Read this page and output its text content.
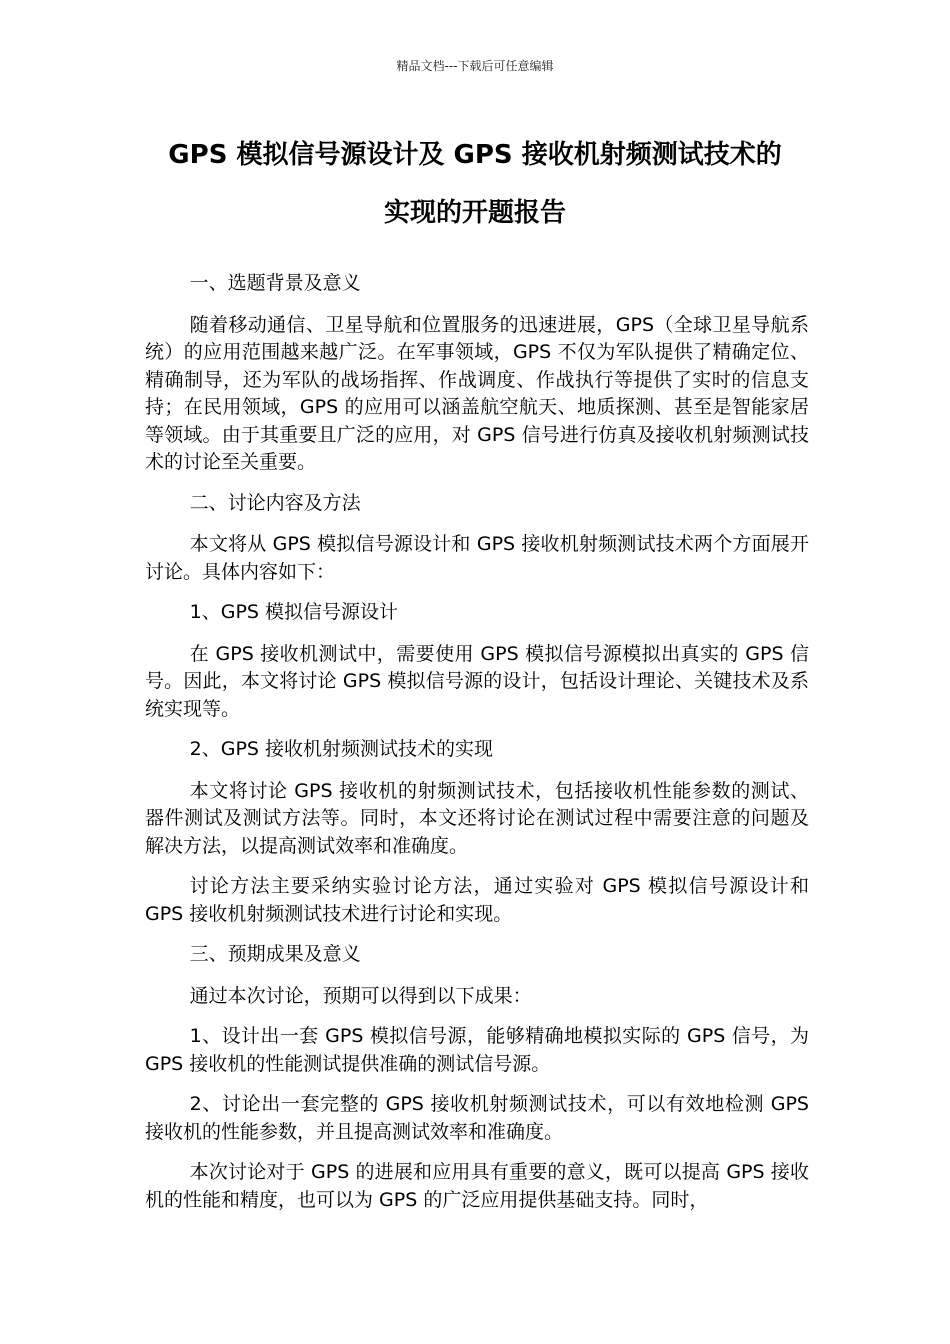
精品文档---下载后可任意编辑
GPS 模拟信号源设计及 GPS 接收机射频测试技术的
实现的开题报告

一、选题背景及意义

随着移动通信、卫星导航和位置服务的迅速进展，GPS（全球卫星导航系统）的应用范围越来越广泛。在军事领域，GPS 不仅为军队提供了精确定位、精确制导，还为军队的战场指挥、作战调度、作战执行等提供了实时的信息支持；在民用领域，GPS 的应用可以涵盖航空航天、地质探测、甚至是智能家居等领域。由于其重要且广泛的应用，对 GPS 信号进行仿真及接收机射频测试技术的讨论至关重要。

二、讨论内容及方法

本文将从 GPS 模拟信号源设计和 GPS 接收机射频测试技术两个方面展开讨论。具体内容如下：

1、GPS 模拟信号源设计

在 GPS 接收机测试中，需要使用 GPS 模拟信号源模拟出真实的 GPS 信号。因此，本文将讨论 GPS 模拟信号源的设计，包括设计理论、关键技术及系统实现等。

2、GPS 接收机射频测试技术的实现

本文将讨论 GPS 接收机的射频测试技术，包括接收机性能参数的测试、器件测试及测试方法等。同时，本文还将讨论在测试过程中需要注意的问题及解决方法，以提高测试效率和准确度。

讨论方法主要采纳实验讨论方法，通过实验对 GPS 模拟信号源设计和 GPS 接收机射频测试技术进行讨论和实现。

三、预期成果及意义

通过本次讨论，预期可以得到以下成果：

1、设计出一套 GPS 模拟信号源，能够精确地模拟实际的 GPS 信号，为 GPS 接收机的性能测试提供准确的测试信号源。

2、讨论出一套完整的 GPS 接收机射频测试技术，可以有效地检测 GPS 接收机的性能参数，并且提高测试效率和准确度。

本次讨论对于 GPS 的进展和应用具有重要的意义，既可以提高 GPS 接收机的性能和精度，也可以为 GPS 的广泛应用提供基础支持。同时，
